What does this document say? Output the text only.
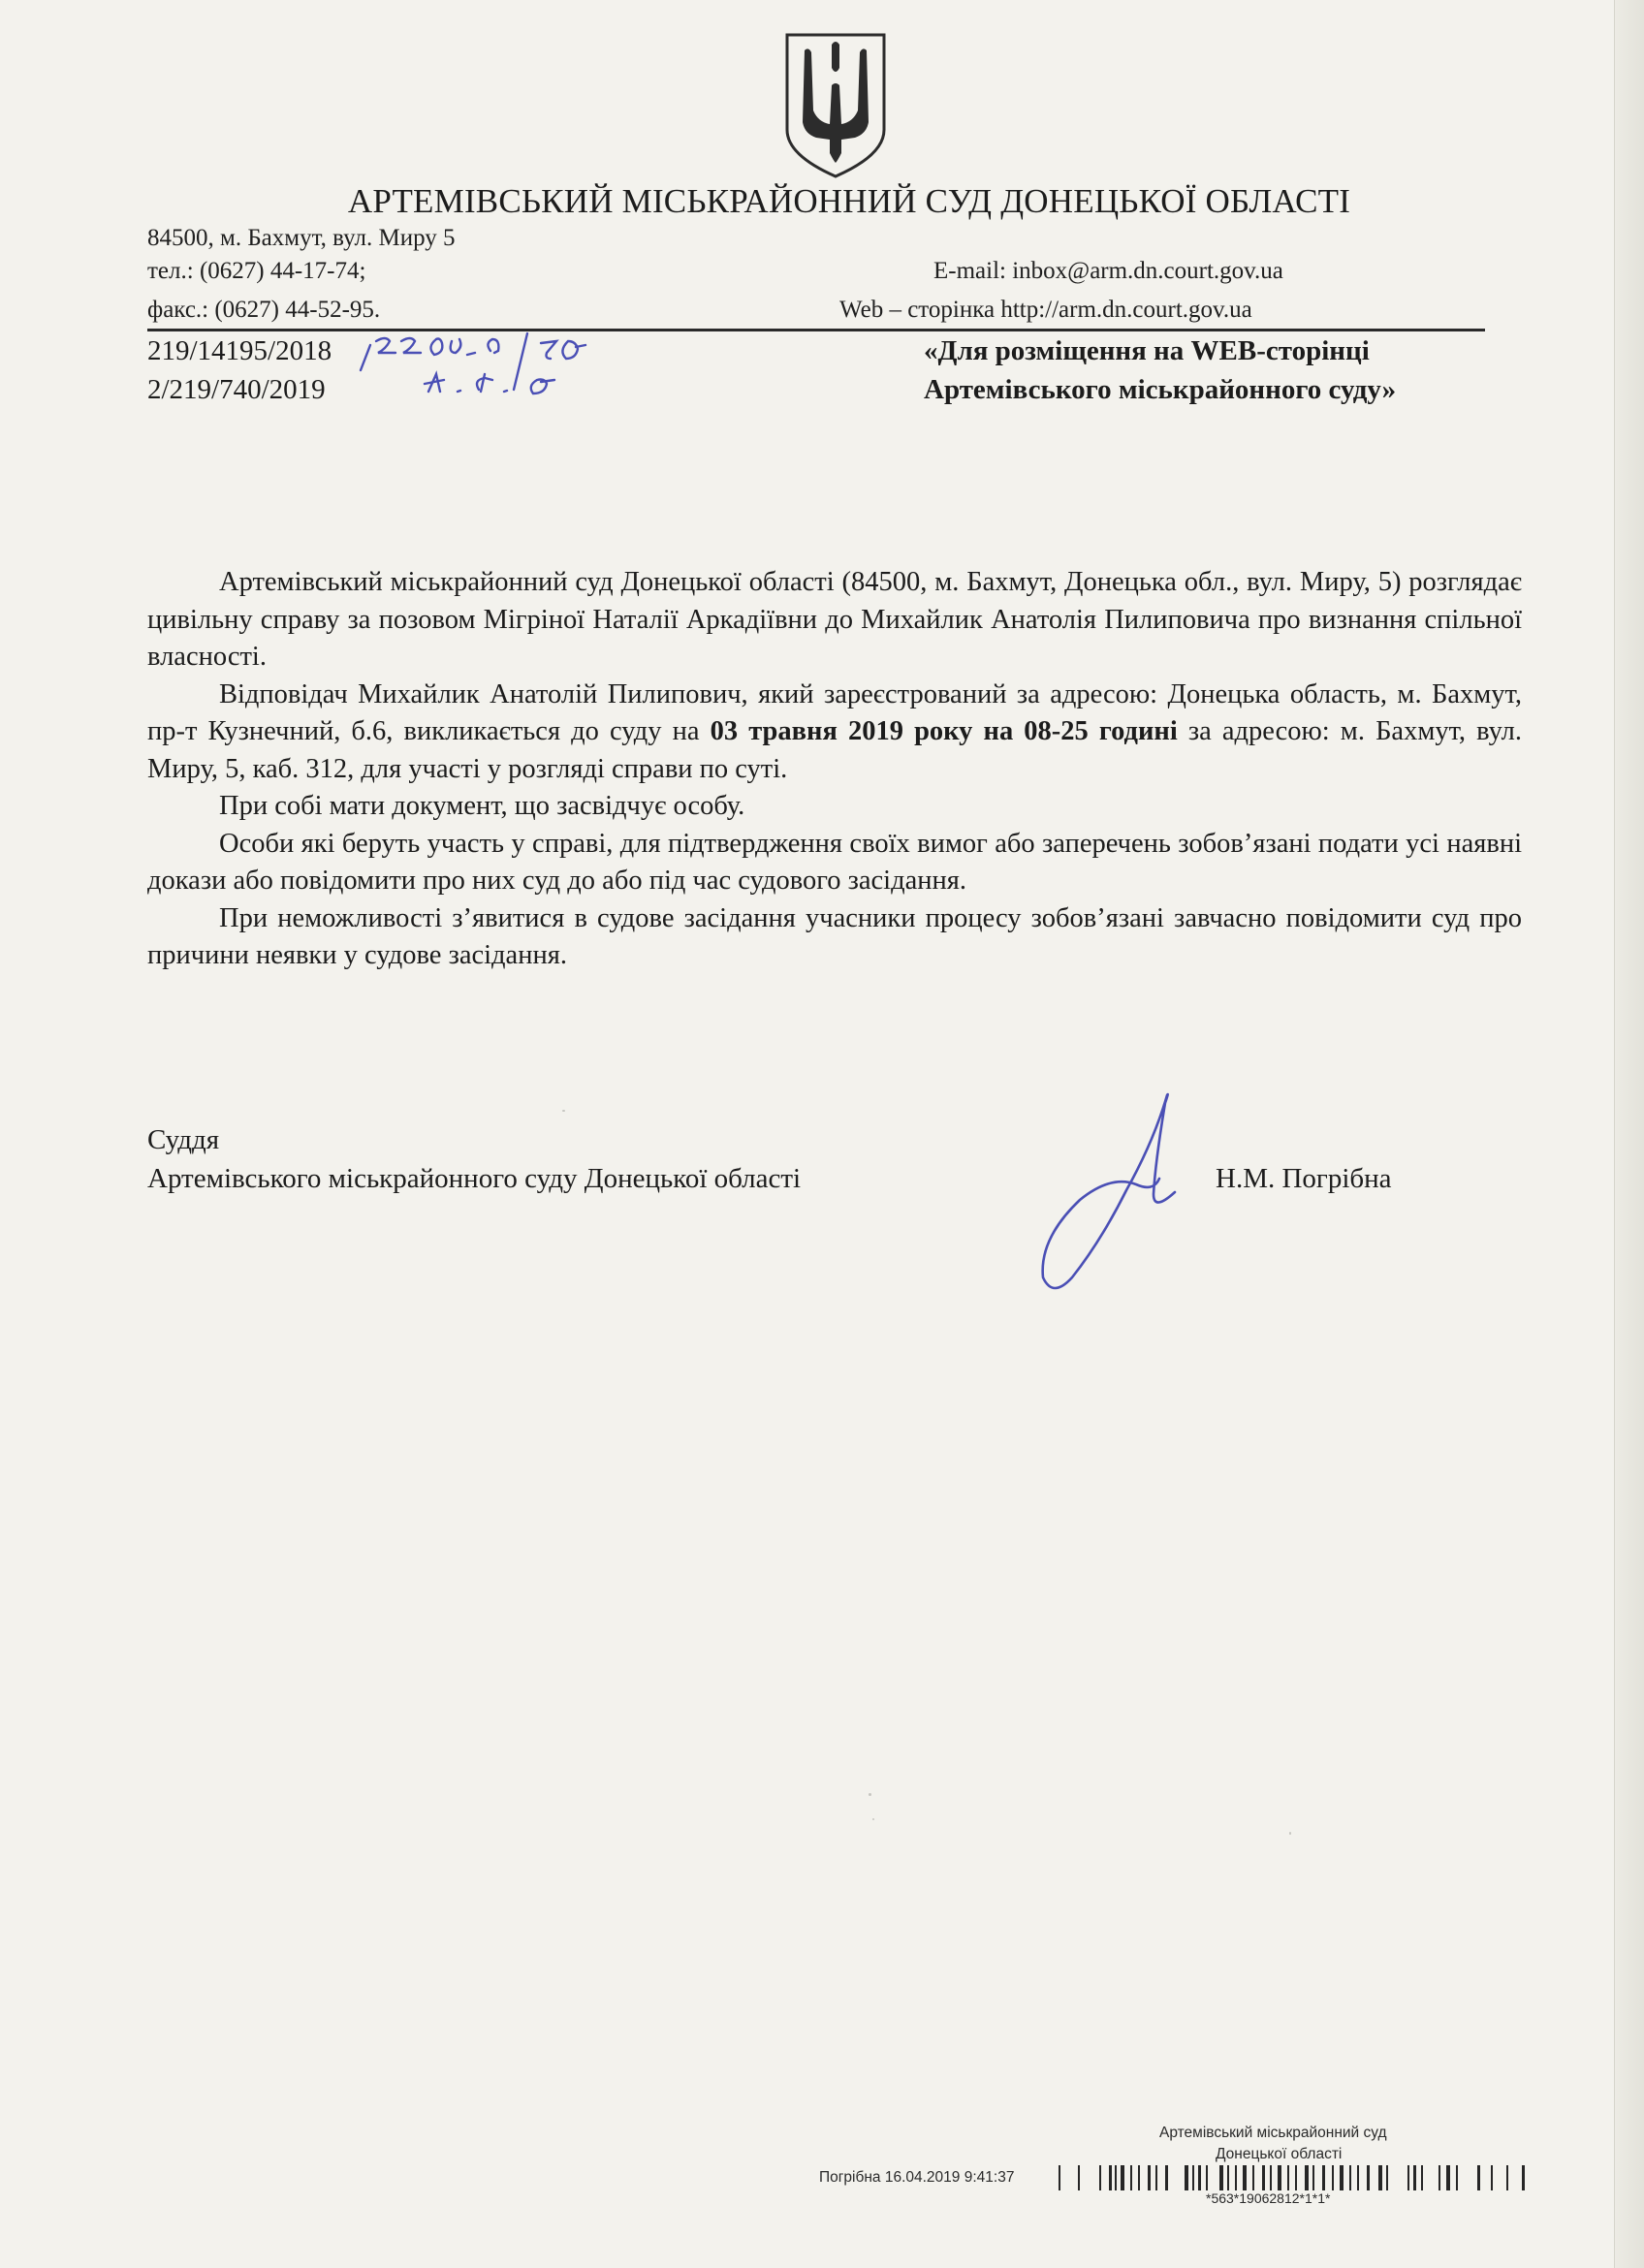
АРТЕМІВСЬКИЙ МІСЬКРАЙОННИЙ СУД ДОНЕЦЬКОЇ ОБЛАСТІ
84500, м. Бахмут, вул. Миру 5
тел.: (0627) 44-17-74;
факс.: (0627) 44-52-95.
E-mail: inbox@arm.dn.court.gov.ua
Web – сторінка http://arm.dn.court.gov.ua
219/14195/2018
2/219/740/2019
«Для розміщення на WEB-сторінці
Артемівського міськрайонного суду»

Артемівський міськрайонний суд Донецької області (84500, м. Бахмут, Донецька обл., вул. Миру, 5) розглядає цивільну справу за позовом Мігріної Наталії Аркадіївни до Михайлик Анатолія Пилиповича про визнання спільної власності.

Відповідач Михайлик Анатолій Пилипович, який зареєстрований за адресою: Донецька область, м. Бахмут, пр-т Кузнечний, б.6, викликається до суду на 03 травня 2019 року на 08-25 годині за адресою: м. Бахмут, вул. Миру, 5, каб. 312, для участі у розгляді справи по суті.

При собі мати документ, що засвідчує особу.

Особи які беруть участь у справі, для підтвердження своїх вимог або заперечень зобов’язані подати усі наявні докази або повідомити про них суд до або під час судового засідання.

При неможливості з’явитися в судове засідання учасники процесу зобов’язані завчасно повідомити суд про причини неявки у судове засідання.

Суддя
Артемівського міськрайонного суду Донецької області	Н.М. Погрібна
Артемівський міськрайонний суд
Донецької області
Погрібна 16.04.2019 9:41:37
*563*19062812*1*1*
